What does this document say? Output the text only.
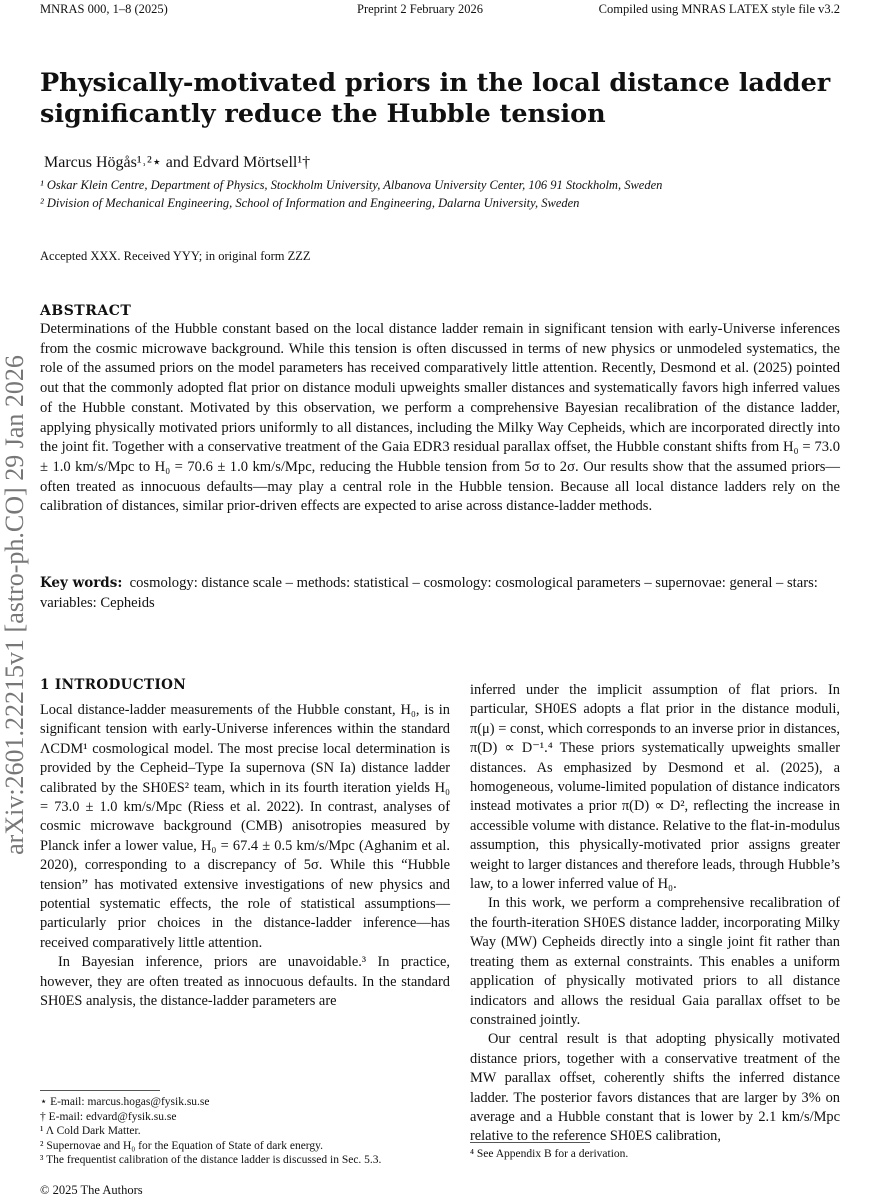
MNRAS 000, 1–8 (2025)	Preprint 2 February 2026	Compiled using MNRAS LATEX style file v3.2
arXiv:2601.22215v1 [astro-ph.CO] 29 Jan 2026
Physically-motivated priors in the local distance ladder significantly reduce the Hubble tension
Marcus Högås¹˒²⋆ and Edvard Mörtsell¹†
¹ Oskar Klein Centre, Department of Physics, Stockholm University, Albanova University Center, 106 91 Stockholm, Sweden
² Division of Mechanical Engineering, School of Information and Engineering, Dalarna University, Sweden
Accepted XXX. Received YYY; in original form ZZZ
ABSTRACT
Determinations of the Hubble constant based on the local distance ladder remain in significant tension with early-Universe inferences from the cosmic microwave background. While this tension is often discussed in terms of new physics or unmodeled systematics, the role of the assumed priors on the model parameters has received comparatively little attention. Recently, Desmond et al. (2025) pointed out that the commonly adopted flat prior on distance moduli upweights smaller distances and systematically favors high inferred values of the Hubble constant. Motivated by this observation, we perform a comprehensive Bayesian recalibration of the distance ladder, applying physically motivated priors uniformly to all distances, including the Milky Way Cepheids, which are incorporated directly into the joint fit. Together with a conservative treatment of the Gaia EDR3 residual parallax offset, the Hubble constant shifts from H₀ = 73.0 ± 1.0 km/s/Mpc to H₀ = 70.6 ± 1.0 km/s/Mpc, reducing the Hubble tension from 5σ to 2σ. Our results show that the assumed priors—often treated as innocuous defaults—may play a central role in the Hubble tension. Because all local distance ladders rely on the calibration of distances, similar prior-driven effects are expected to arise across distance-ladder methods.
Key words: cosmology: distance scale – methods: statistical – cosmology: cosmological parameters – supernovae: general – stars: variables: Cepheids
1 INTRODUCTION

Local distance-ladder measurements of the Hubble constant, H₀, is in significant tension with early-Universe inferences within the standard ΛCDM¹ cosmological model. The most precise local determination is provided by the Cepheid–Type Ia supernova (SN Ia) distance ladder calibrated by the SH0ES² team, which in its fourth iteration yields H₀ = 73.0 ± 1.0 km/s/Mpc (Riess et al. 2022). In contrast, analyses of cosmic microwave background (CMB) anisotropies measured by Planck infer a lower value, H₀ = 67.4 ± 0.5 km/s/Mpc (Aghanim et al. 2020), corresponding to a discrepancy of 5σ. While this “Hubble tension” has motivated extensive investigations of new physics and potential systematic effects, the role of statistical assumptions—particularly prior choices in the distance-ladder inference—has received comparatively little attention.

In Bayesian inference, priors are unavoidable.³ In practice, however, they are often treated as innocuous defaults. In the standard SH0ES analysis, the distance-ladder parameters are

inferred under the implicit assumption of flat priors. In particular, SH0ES adopts a flat prior in the distance moduli, π(μ) = const, which corresponds to an inverse prior in distances, π(D) ∝ D⁻¹.⁴ These priors systematically upweights smaller distances. As emphasized by Desmond et al. (2025), a homogeneous, volume-limited population of distance indicators instead motivates a prior π(D) ∝ D², reflecting the increase in accessible volume with distance. Relative to the flat-in-modulus assumption, this physically-motivated prior assigns greater weight to larger distances and therefore leads, through Hubble’s law, to a lower inferred value of H₀.

In this work, we perform a comprehensive recalibration of the fourth-iteration SH0ES distance ladder, incorporating Milky Way (MW) Cepheids directly into a single joint fit rather than treating them as external constraints. This enables a uniform application of physically motivated priors to all distance indicators and allows the residual Gaia parallax offset to be constrained jointly.

Our central result is that adopting physically motivated distance priors, together with a conservative treatment of the MW parallax offset, coherently shifts the inferred distance ladder. The posterior favors distances that are larger by 3% on average and a Hubble constant that is lower by 2.1 km/s/Mpc relative to the reference SH0ES calibration,

⋆ E-mail: marcus.hogas@fysik.su.se
† E-mail: edvard@fysik.su.se
¹ Λ Cold Dark Matter.
² Supernovae and H₀ for the Equation of State of dark energy.
³ The frequentist calibration of the distance ladder is discussed in Sec. 5.3.	⁴ See Appendix B for a derivation.
© 2025 The Authors
